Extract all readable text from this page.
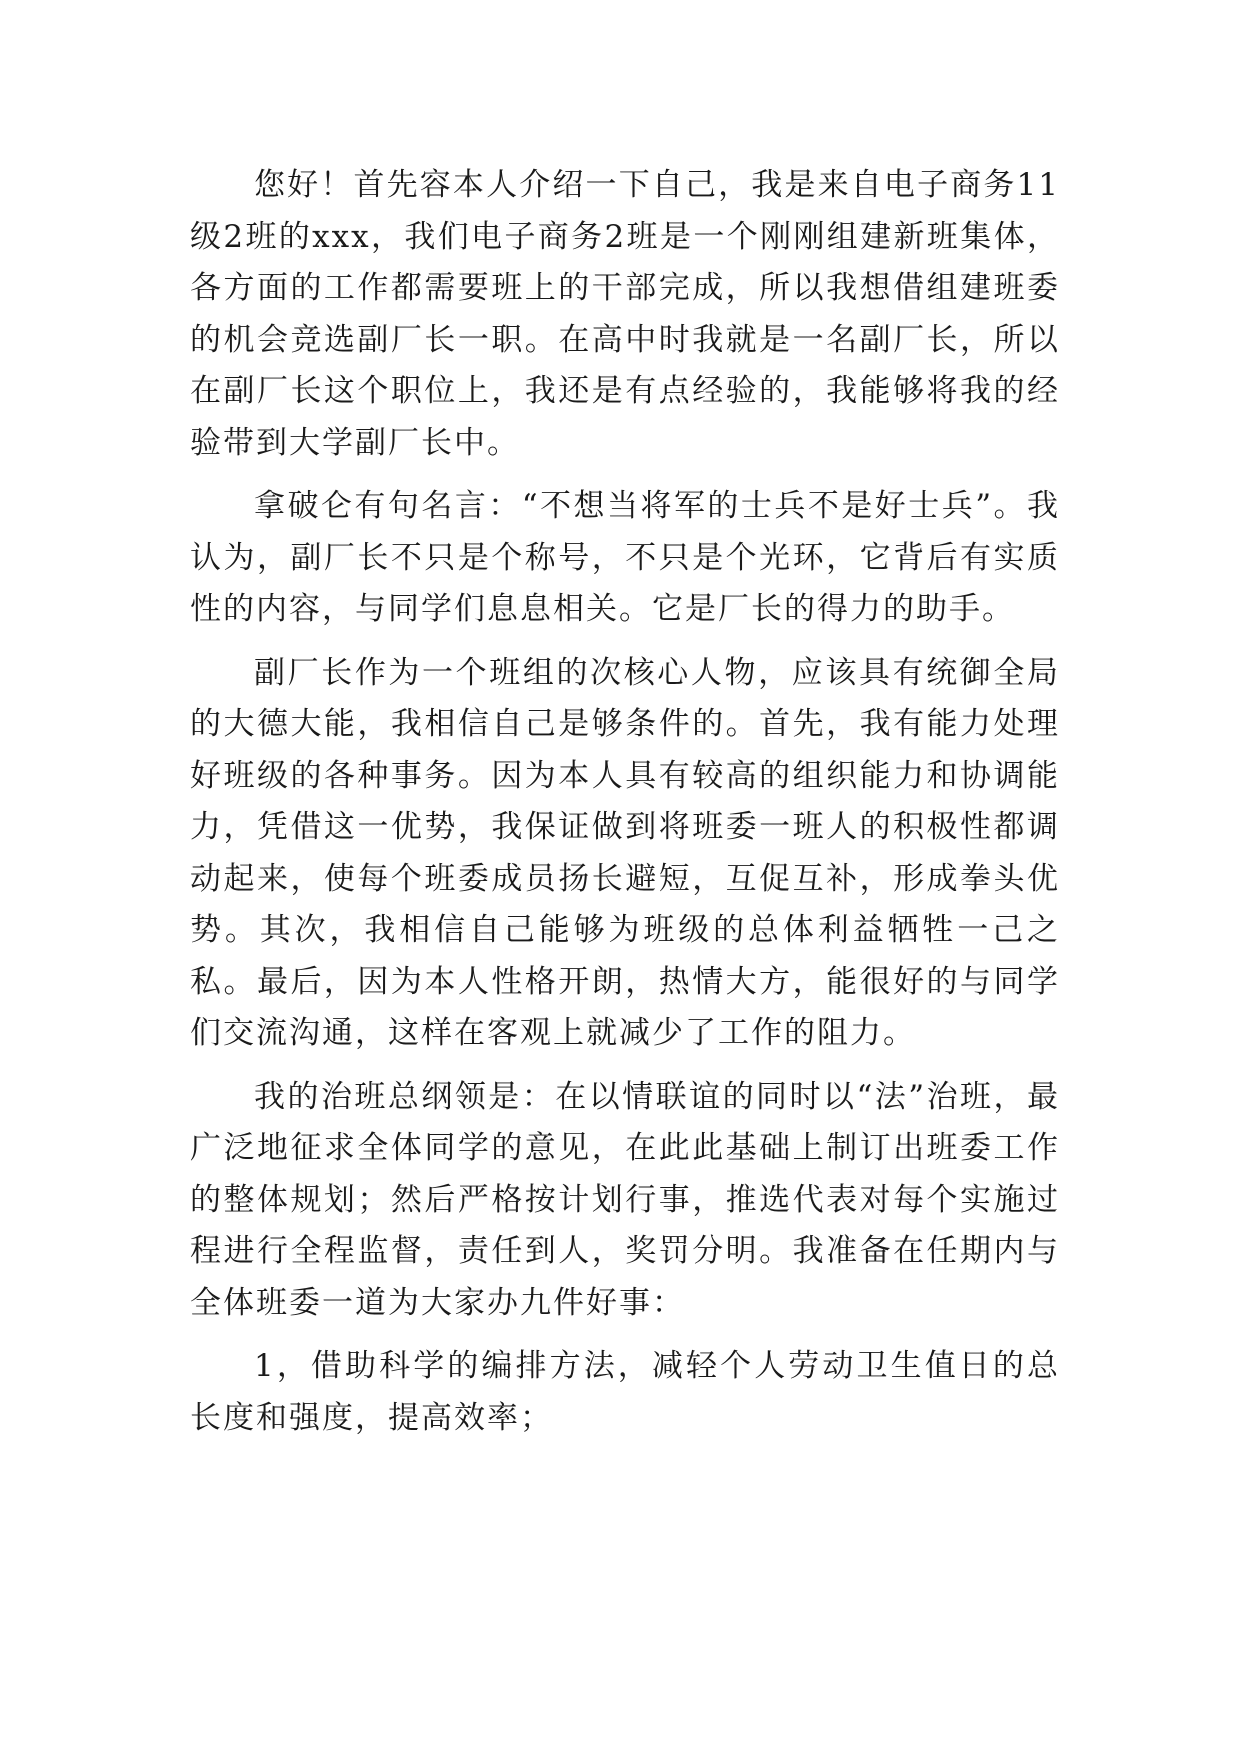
您好！首先容本人介绍一下自己，我是来自电子商务11级2班的xxx，我们电子商务2班是一个刚刚组建新班集体，各方面的工作都需要班上的干部完成，所以我想借组建班委的机会竞选副厂长一职。在高中时我就是一名副厂长，所以在副厂长这个职位上，我还是有点经验的，我能够将我的经验带到大学副厂长中。

拿破仑有句名言：“不想当将军的士兵不是好士兵”。我认为，副厂长不只是个称号，不只是个光环，它背后有实质性的内容，与同学们息息相关。它是厂长的得力的助手。

副厂长作为一个班组的次核心人物，应该具有统御全局的大德大能，我相信自己是够条件的。首先，我有能力处理好班级的各种事务。因为本人具有较高的组织能力和协调能力，凭借这一优势，我保证做到将班委一班人的积极性都调动起来，使每个班委成员扬长避短，互促互补，形成拳头优势。其次，我相信自己能够为班级的总体利益牺牲一己之私。最后，因为本人性格开朗，热情大方，能很好的与同学们交流沟通，这样在客观上就减少了工作的阻力。

我的治班总纲领是：在以情联谊的同时以“法”治班，最广泛地征求全体同学的意见，在此此基础上制订出班委工作的整体规划；然后严格按计划行事，推选代表对每个实施过程进行全程监督，责任到人，奖罚分明。我准备在任期内与全体班委一道为大家办九件好事：

1，借助科学的编排方法，减轻个人劳动卫生值日的总长度和强度，提高效率；
